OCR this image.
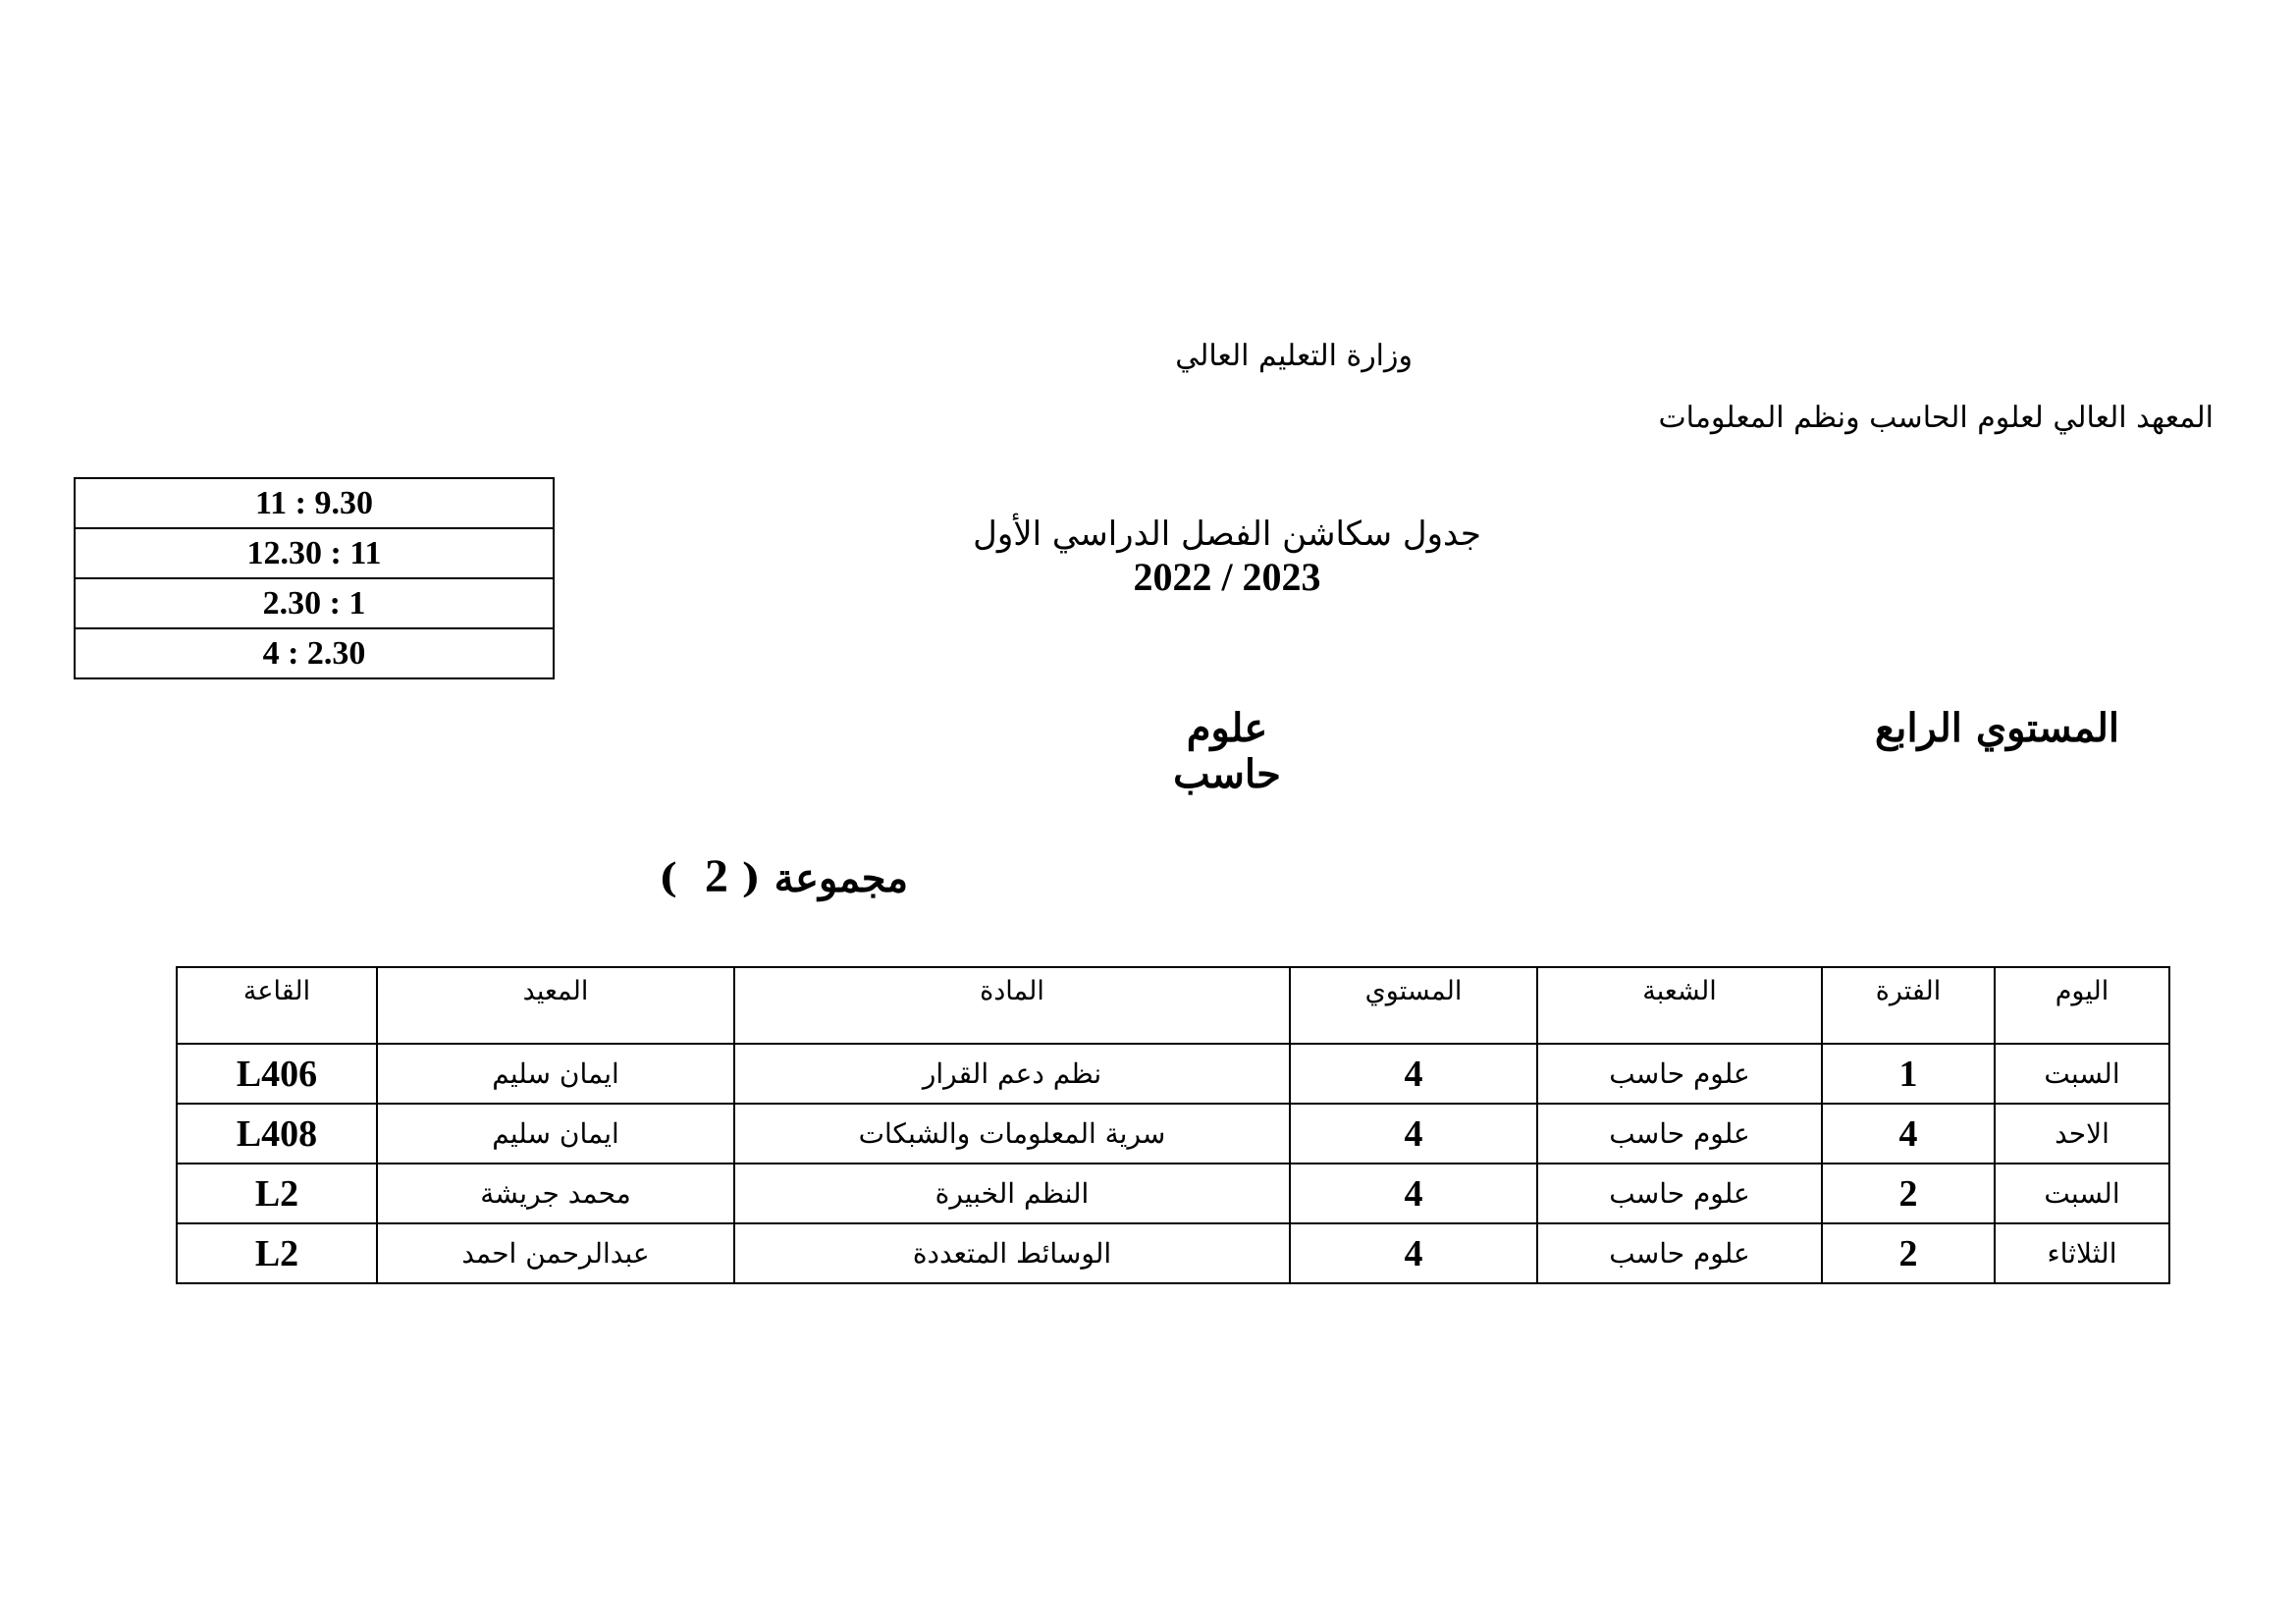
وزارة التعليم العالي
المعهد العالي لعلوم الحاسب ونظم المعلومات
11 : 9.30
12.30 : 11
2.30 : 1
4 : 2.30
جدول سكاشن الفصل الدراسي الأول 2022 / 2023
المستوي الرابع
علوم حاسب
مجموعة ( 2  )
اليوم	الفترة	الشعبة	المستوي	المادة	المعيد	القاعة
السبت	1	علوم حاسب	4	نظم دعم القرار	ايمان سليم	L406
الاحد	4	علوم حاسب	4	سرية المعلومات والشبكات	ايمان سليم	L408
السبت	2	علوم حاسب	4	النظم الخبيرة	محمد جريشة	L2
الثلاثاء	2	علوم حاسب	4	الوسائط المتعددة	عبدالرحمن احمد	L2
